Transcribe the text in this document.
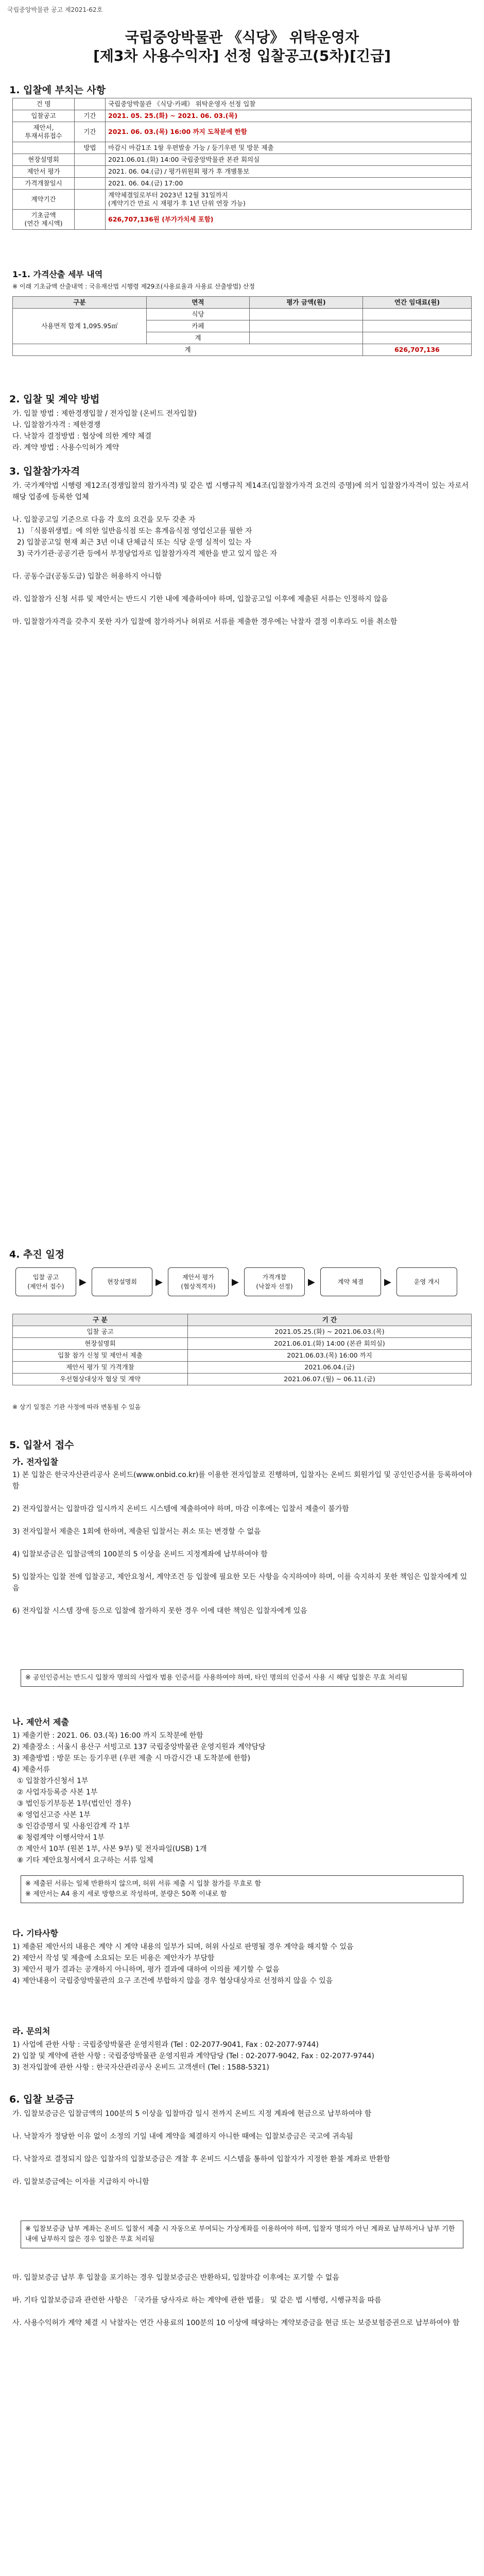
국립중앙박물관 공고 제2021-62호
국립중앙박물관 《식당》 위탁운영자
[제3차 사용수익자] 선정 입찰공고(5차)[긴급]
1. 입찰에 부치는 사항
건 명		국립중앙박물관 《식당·카페》 위탁운영자 선정 입찰
입찰공고	기간	2021. 05. 25.(화) ~ 2021. 06. 03.(목)
제안서,
투재서류접수	기간	2021. 06. 03.(목) 16:00 까지 도착분에 한함
	방법	마감시 마감1조 1항 우편발송 가능 / 등기우편 및 방문 제출
현장설명회		2021.06.01.(화) 14:00 국립중앙박물관 본관 회의실
제안서 평가		2021. 06. 04.(금) / 평가위원회 평가 후 개별통보
가격개찰일시		2021. 06. 04.(금) 17:00
계약기간		계약체결일로부터 2023년 12월 31일까지
(계약기간 만료 시 재평가 후 1년 단위 연장 가능)
기초금액
(연간 제시액)		626,707,136원 (부가가치세 포함)
1-1. 가격산출 세부 내역
※ 이래 기초금액 산출내역 : 국유재산법 시행령 제29조(사용료율과 사용료 산출방법) 산정
구분	면적	평가 금액(원)	연간 임대료(원)
사용면적 합계 1,095.95㎡	식당		
	카페		
	계		
계			626,707,136
2. 입찰 및 계약 방법
가. 입찰 방법 : 제한경쟁입찰 / 전자입찰 (온비드 전자입찰)
나. 입찰참가자격 : 제한경쟁
다. 낙찰자 결정방법 : 협상에 의한 계약 체결
라. 계약 방법 : 사용수익허가 계약
3. 입찰참가자격
가. 국가계약법 시행령 제12조(경쟁입찰의 참가자격) 및 같은 법 시행규칙 제14조(입찰참가자격 요건의 증명)에 의거 입찰참가자격이 있는 자로서 해당 업종에 등록한 업체

나. 입찰공고일 기준으로 다음 각 호의 요건을 모두 갖춘 자
1) 「식품위생법」에 의한 일반음식점 또는 휴게음식점 영업신고를 필한 자
2) 입찰공고일 현재 최근 3년 이내 단체급식 또는 식당 운영 실적이 있는 자
3) 국가기관·공공기관 등에서 부정당업자로 입찰참가자격 제한을 받고 있지 않은 자

다. 공동수급(공동도급) 입찰은 허용하지 아니함

라. 입찰참가 신청 서류 및 제안서는 반드시 기한 내에 제출하여야 하며, 입찰공고일 이후에 제출된 서류는 인정하지 않음

마. 입찰참가자격을 갖추지 못한 자가 입찰에 참가하거나 허위로 서류를 제출한 경우에는 낙찰자 결정 이후라도 이를 취소함
4. 추진 일정
입찰 공고
(제안서 접수)	▶	현장설명회	▶	제안서 평가
(협상적격자)	▶	가격개찰
(낙찰자 선정)	▶	계약 체결	▶	운영 개시
구 분	기 간
입찰 공고	2021.05.25.(화) ~ 2021.06.03.(목)
현장설명회	2021.06.01.(화) 14:00 (본관 회의실)
입찰 참가 신청 및 제안서 제출	2021.06.03.(목) 16:00 까지
제안서 평가 및 가격개찰	2021.06.04.(금)
우선협상대상자 협상 및 계약	2021.06.07.(월) ~ 06.11.(금)
※ 상기 일정은 기관 사정에 따라 변동될 수 있음
5. 입찰서 접수
가. 전자입찰
1) 본 입찰은 한국자산관리공사 온비드(www.onbid.co.kr)를 이용한 전자입찰로 진행하며, 입찰자는 온비드 회원가입 및 공인인증서를 등록하여야 함

2) 전자입찰서는 입찰마감 일시까지 온비드 시스템에 제출하여야 하며, 마감 이후에는 입찰서 제출이 불가함

3) 전자입찰서 제출은 1회에 한하며, 제출된 입찰서는 취소 또는 변경할 수 없음

4) 입찰보증금은 입찰금액의 100분의 5 이상을 온비드 지정계좌에 납부하여야 함

5) 입찰자는 입찰 전에 입찰공고, 제안요청서, 계약조건 등 입찰에 필요한 모든 사항을 숙지하여야 하며, 이를 숙지하지 못한 책임은 입찰자에게 있음

6) 전자입찰 시스템 장애 등으로 입찰에 참가하지 못한 경우 이에 대한 책임은 입찰자에게 있음
※ 공인인증서는 반드시 입찰자 명의의 사업자 범용 인증서를 사용하여야 하며, 타인 명의의 인증서 사용 시 해당 입찰은 무효 처리됨
나. 제안서 제출
1) 제출기한 : 2021. 06. 03.(목) 16:00 까지 도착분에 한함
2) 제출장소 : 서울시 용산구 서빙고로 137 국립중앙박물관 운영지원과 계약담당
3) 제출방법 : 방문 또는 등기우편 (우편 제출 시 마감시간 내 도착분에 한함)
4) 제출서류
① 입찰참가신청서 1부
② 사업자등록증 사본 1부
③ 법인등기부등본 1부(법인인 경우)
④ 영업신고증 사본 1부
⑤ 인감증명서 및 사용인감계 각 1부
⑥ 청렴계약 이행서약서 1부
⑦ 제안서 10부 (원본 1부, 사본 9부) 및 전자파일(USB) 1개
⑧ 기타 제안요청서에서 요구하는 서류 일체
※ 제출된 서류는 일체 반환하지 않으며, 허위 서류 제출 시 입찰 참가를 무효로 함
※ 제안서는 A4 용지 세로 방향으로 작성하며, 분량은 50쪽 이내로 함
다. 기타사항
1) 제출된 제안서의 내용은 계약 시 계약 내용의 일부가 되며, 허위 사실로 판명될 경우 계약을 해지할 수 있음
2) 제안서 작성 및 제출에 소요되는 모든 비용은 제안자가 부담함
3) 제안서 평가 결과는 공개하지 아니하며, 평가 결과에 대하여 이의를 제기할 수 없음
4) 제안내용이 국립중앙박물관의 요구 조건에 부합하지 않을 경우 협상대상자로 선정하지 않을 수 있음
라. 문의처
1) 사업에 관한 사항 : 국립중앙박물관 운영지원과 (Tel : 02-2077-9041, Fax : 02-2077-9744)
2) 입찰 및 계약에 관한 사항 : 국립중앙박물관 운영지원과 계약담당 (Tel : 02-2077-9042, Fax : 02-2077-9744)
3) 전자입찰에 관한 사항 : 한국자산관리공사 온비드 고객센터 (Tel : 1588-5321)
6. 입찰 보증금
가. 입찰보증금은 입찰금액의 100분의 5 이상을 입찰마감 일시 전까지 온비드 지정 계좌에 현금으로 납부하여야 함

나. 낙찰자가 정당한 이유 없이 소정의 기일 내에 계약을 체결하지 아니한 때에는 입찰보증금은 국고에 귀속됨

다. 낙찰자로 결정되지 않은 입찰자의 입찰보증금은 개찰 후 온비드 시스템을 통하여 입찰자가 지정한 환불 계좌로 반환함

라. 입찰보증금에는 이자를 지급하지 아니함
※ 입찰보증금 납부 계좌는 온비드 입찰서 제출 시 자동으로 부여되는 가상계좌를 이용하여야 하며, 입찰자 명의가 아닌 계좌로 납부하거나 납부 기한 내에 납부하지 않은 경우 입찰은 무효 처리됨
마. 입찰보증금 납부 후 입찰을 포기하는 경우 입찰보증금은 반환하되, 입찰마감 이후에는 포기할 수 없음

바. 기타 입찰보증금과 관련한 사항은 「국가를 당사자로 하는 계약에 관한 법률」 및 같은 법 시행령, 시행규칙을 따름

사. 사용수익허가 계약 체결 시 낙찰자는 연간 사용료의 100분의 10 이상에 해당하는 계약보증금을 현금 또는 보증보험증권으로 납부하여야 함
